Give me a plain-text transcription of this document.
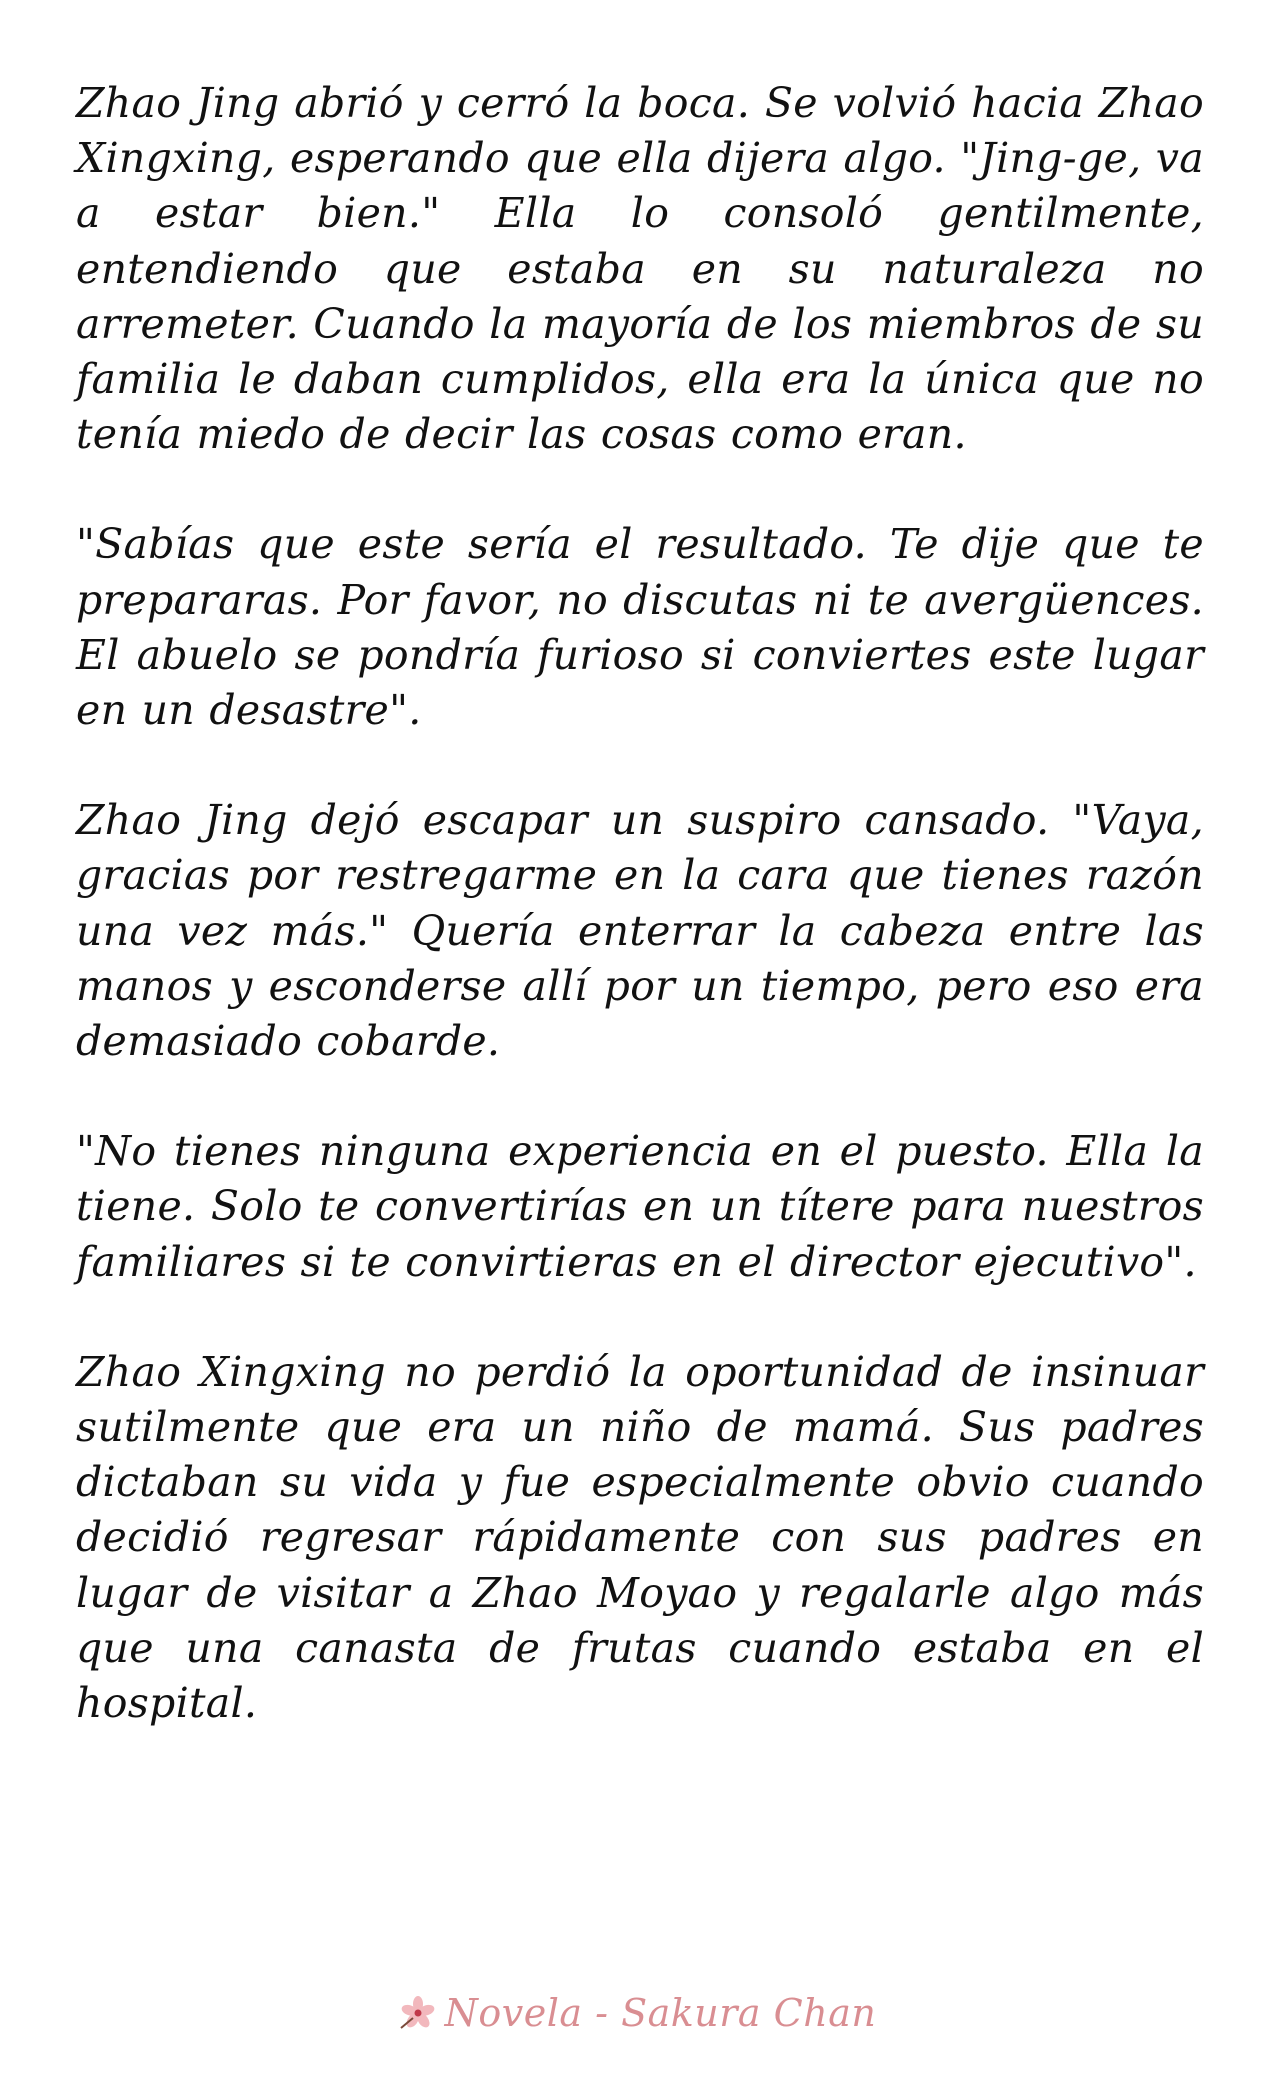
Zhao Jing abrió y cerró la boca. Se volvió hacia Zhao Xingxing, esperando que ella dijera algo. "Jing-ge, va a estar bien." Ella lo consoló gentilmente, entendiendo que estaba en su naturaleza no arremeter. Cuando la mayoría de los miembros de su familia le daban cumplidos, ella era la única que no tenía miedo de decir las cosas como eran.

"Sabías que este sería el resultado. Te dije que te prepararas. Por favor, no discutas ni te avergüences. El abuelo se pondría furioso si conviertes este lugar en un desastre".

Zhao Jing dejó escapar un suspiro cansado. "Vaya, gracias por restregarme en la cara que tienes razón una vez más." Quería enterrar la cabeza entre las manos y esconderse allí por un tiempo, pero eso era demasiado cobarde.

"No tienes ninguna experiencia en el puesto. Ella la tiene. Solo te convertirías en un títere para nuestros familiares si te convirtieras en el director ejecutivo".

Zhao Xingxing no perdió la oportunidad de insinuar sutilmente que era un niño de mamá. Sus padres dictaban su vida y fue especialmente obvio cuando decidió regresar rápidamente con sus padres en lugar de visitar a Zhao Moyao y regalarle algo más que una canasta de frutas cuando estaba en el hospital.

Novela - Sakura Chan
